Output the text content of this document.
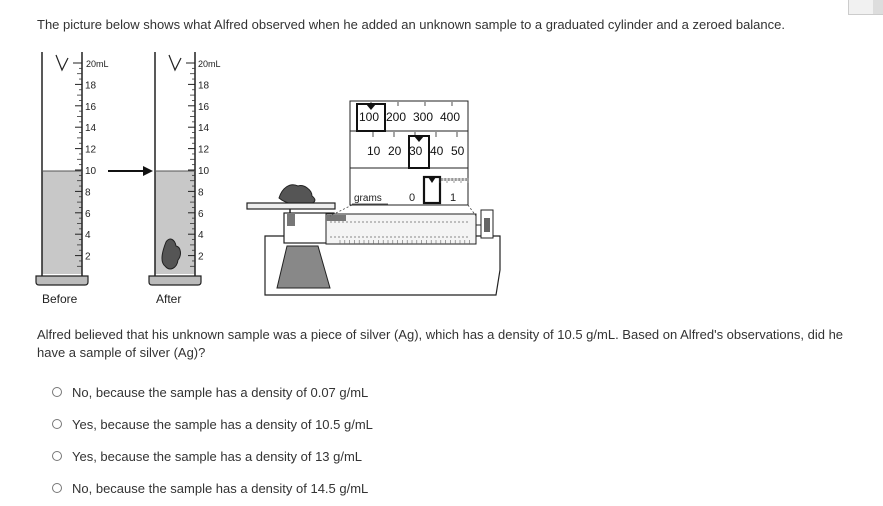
The picture below shows what Alfred observed when he added an unknown sample to a graduated cylinder and a zeroed balance.
20mL
18
16
14
12
10
8
6
4
2
20mL
18
16
14
12
10
8
6
4
2
Before	After
100 200 300 400
10 20 30 40 50
grams 0	1
Alfred believed that his unknown sample was a piece of silver (Ag), which has a density of 10.5 g/mL. Based on Alfred's observations, did he have a sample of silver (Ag)?
No, because the sample has a density of 0.07 g/mL
Yes, because the sample has a density of 10.5 g/mL
Yes, because the sample has a density of 13 g/mL
No, because the sample has a density of 14.5 g/mL
